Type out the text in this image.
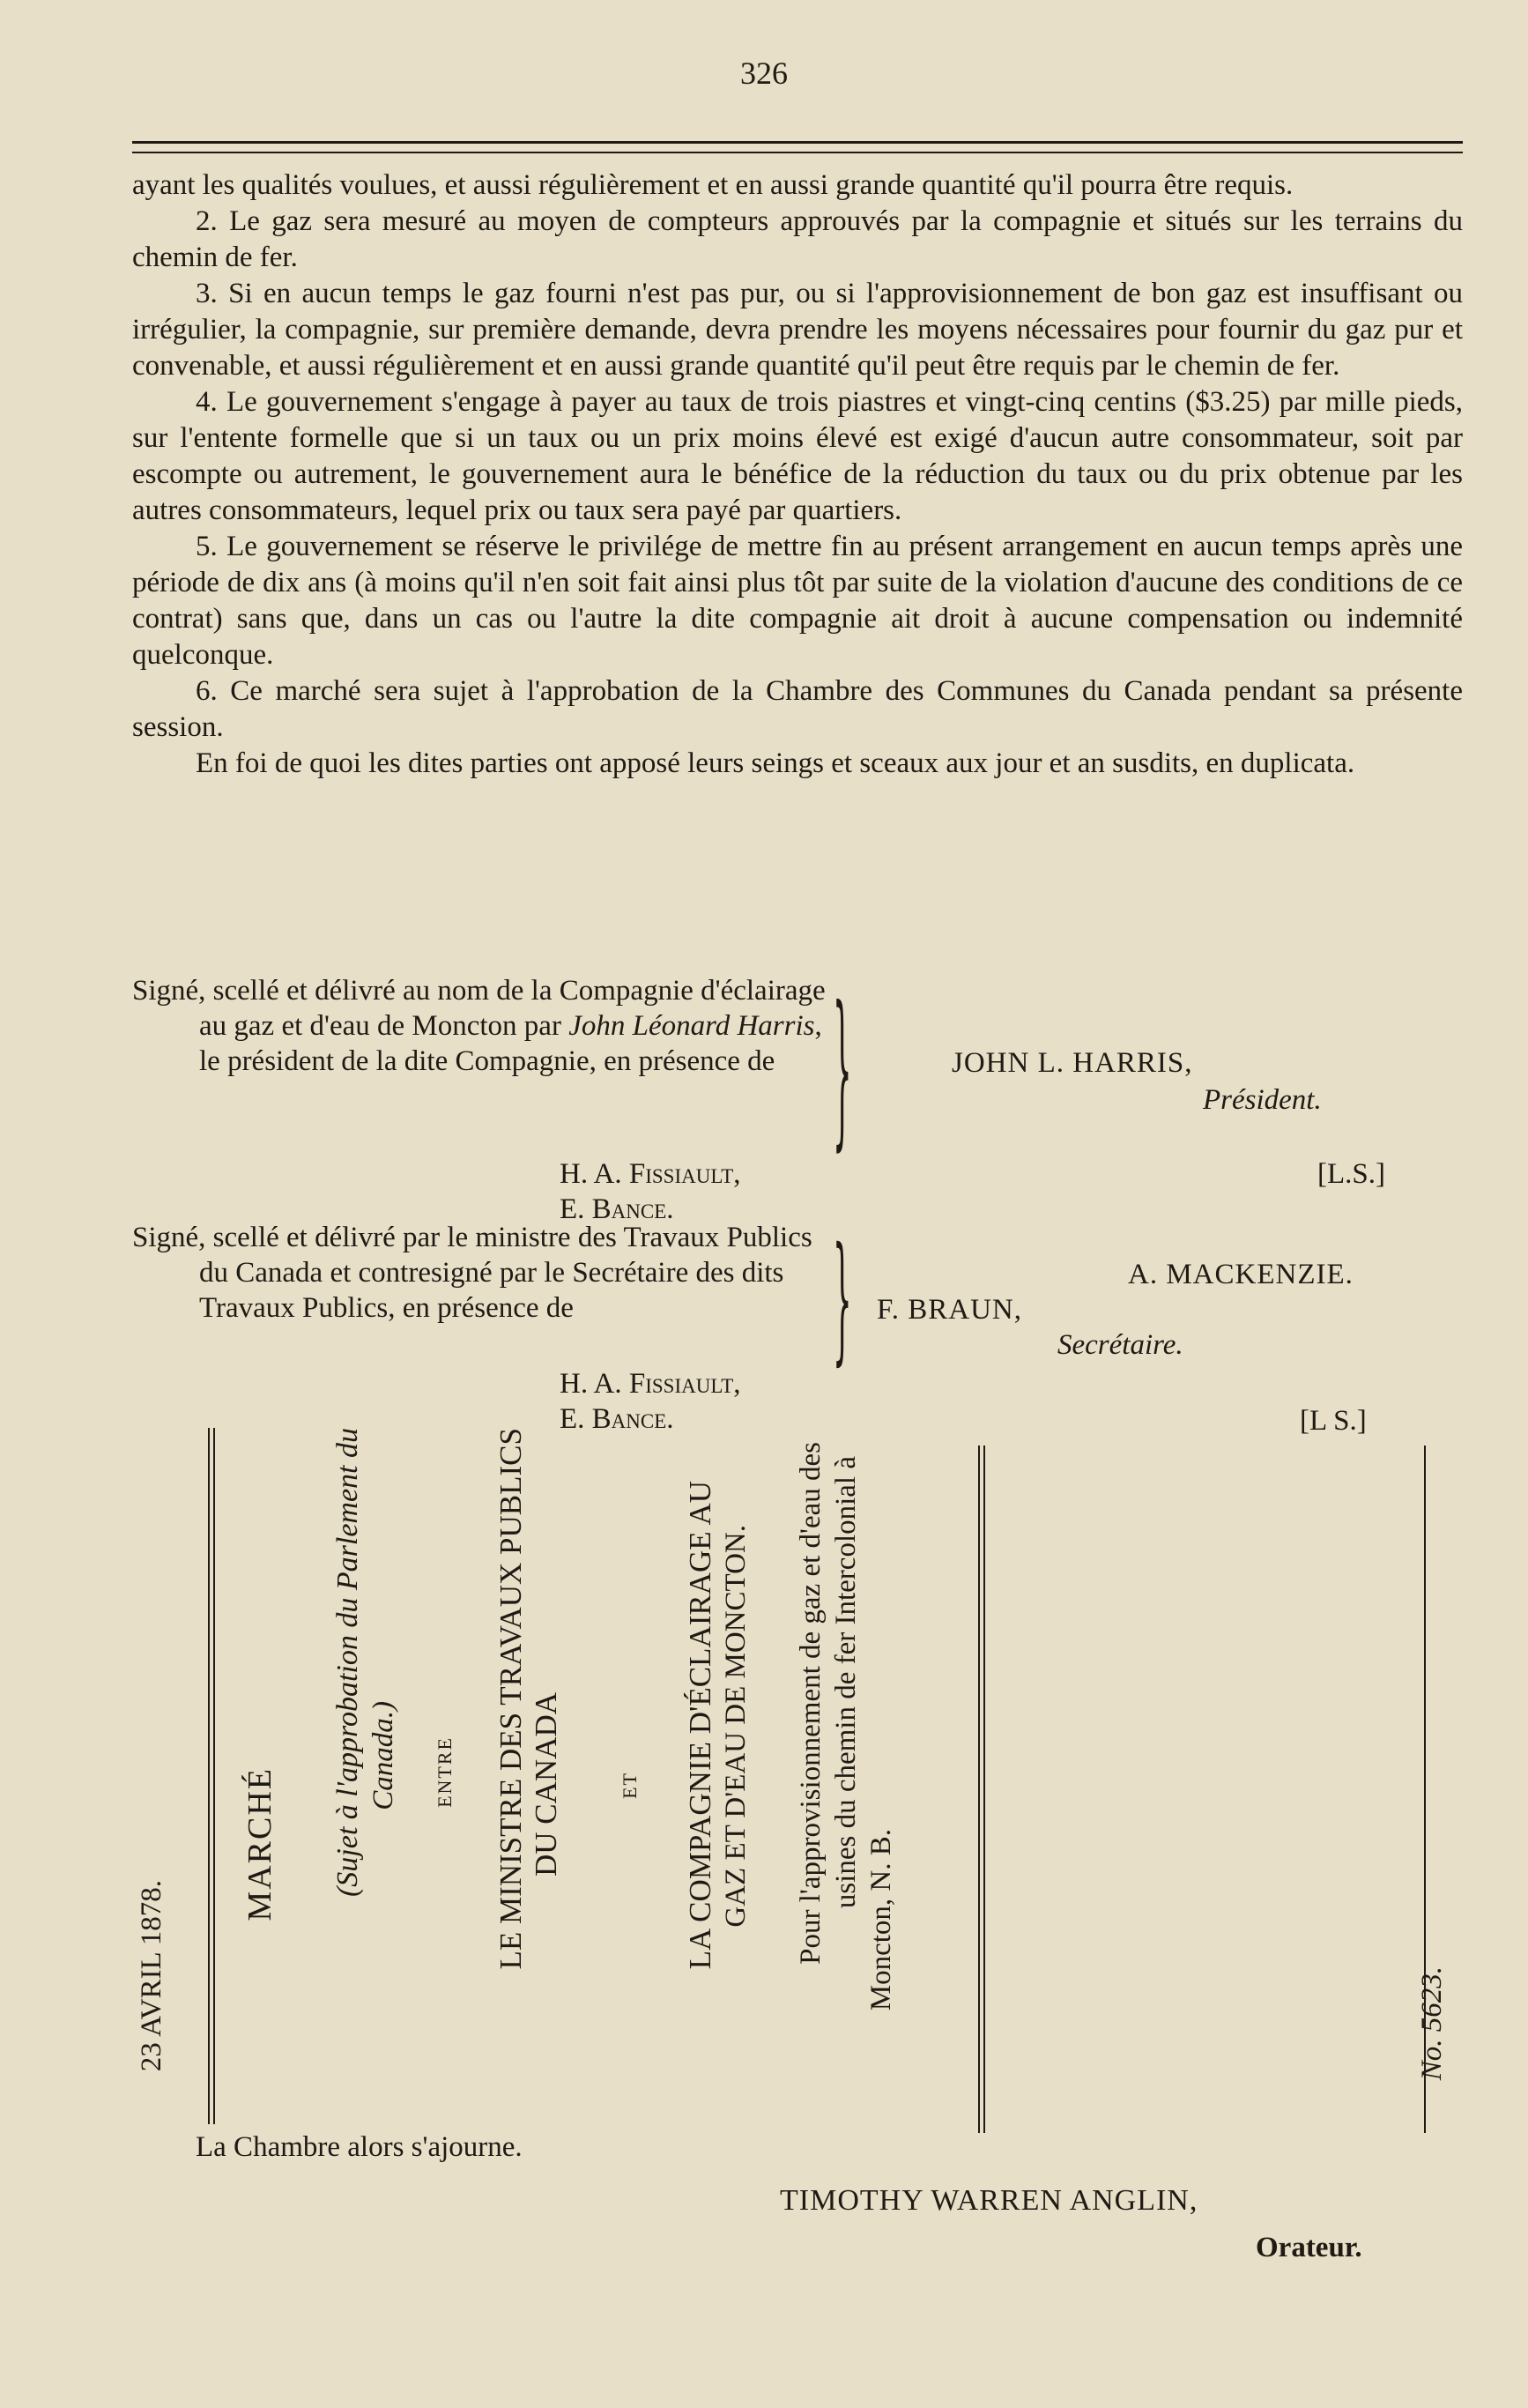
326

ayant les qualités voulues, et aussi régulièrement et en aussi grande quantité qu'il pourra être requis.

2. Le gaz sera mesuré au moyen de compteurs approuvés par la compagnie et situés sur les terrains du chemin de fer.

3. Si en aucun temps le gaz fourni n'est pas pur, ou si l'approvisionnement de bon gaz est insuffisant ou irrégulier, la compagnie, sur première demande, devra prendre les moyens nécessaires pour fournir du gaz pur et convenable, et aussi régulièrement et en aussi grande quantité qu'il peut être requis par le chemin de fer.

4. Le gouvernement s'engage à payer au taux de trois piastres et vingt-cinq centins ($3.25) par mille pieds, sur l'entente formelle que si un taux ou un prix moins élevé est exigé d'aucun autre consommateur, soit par escompte ou autrement, le gouvernement aura le bénéfice de la réduction du taux ou du prix obtenue par les autres consommateurs, lequel prix ou taux sera payé par quartiers.

5. Le gouvernement se réserve le privilége de mettre fin au présent arrangement en aucun temps après une période de dix ans (à moins qu'il n'en soit fait ainsi plus tôt par suite de la violation d'aucune des conditions de ce contrat) sans que, dans un cas ou l'autre la dite compagnie ait droit à aucune compensation ou indemnité quelconque.

6. Ce marché sera sujet à l'approbation de la Chambre des Communes du Canada pendant sa présente session.

En foi de quoi les dites parties ont apposé leurs seings et sceaux aux jour et an susdits, en duplicata.

Signé, scellé et délivré au nom de la Compagnie d'éclairage au gaz et d'eau de Moncton par John Léonard Harris, le président de la dite Compagnie, en présence de	}	JOHN L. HARRIS,
Président.
H. A. Fissiault,
E. Bance.
[L.S.]

Signé, scellé et délivré par le ministre des Travaux Publics du Canada et contresigné par le Secrétaire des dits Travaux Publics, en présence de	}	A. MACKENZIE.
F. BRAUN,
Secrétaire.
H. A. Fissiault,
E. Bance.	[L S.]
23 AVRIL 1878.
MARCHÉ (Sujet à l'approbation du Parlement du Canada.)	ENTRE LE MINISTRE DES TRAVAUX PUBLICS DU CANADA	ET LA COMPAGNIE D'ÉCLAIRAGE AU GAZ ET D'EAU DE MONCTON. Pour l'approvisionnement de gaz et d'eau des usines du chemin de fer Intercolonial à
Moncton, N. B.
No. 5623.
La Chambre alors s'ajourne.
TIMOTHY WARREN ANGLIN,
Orateur.
